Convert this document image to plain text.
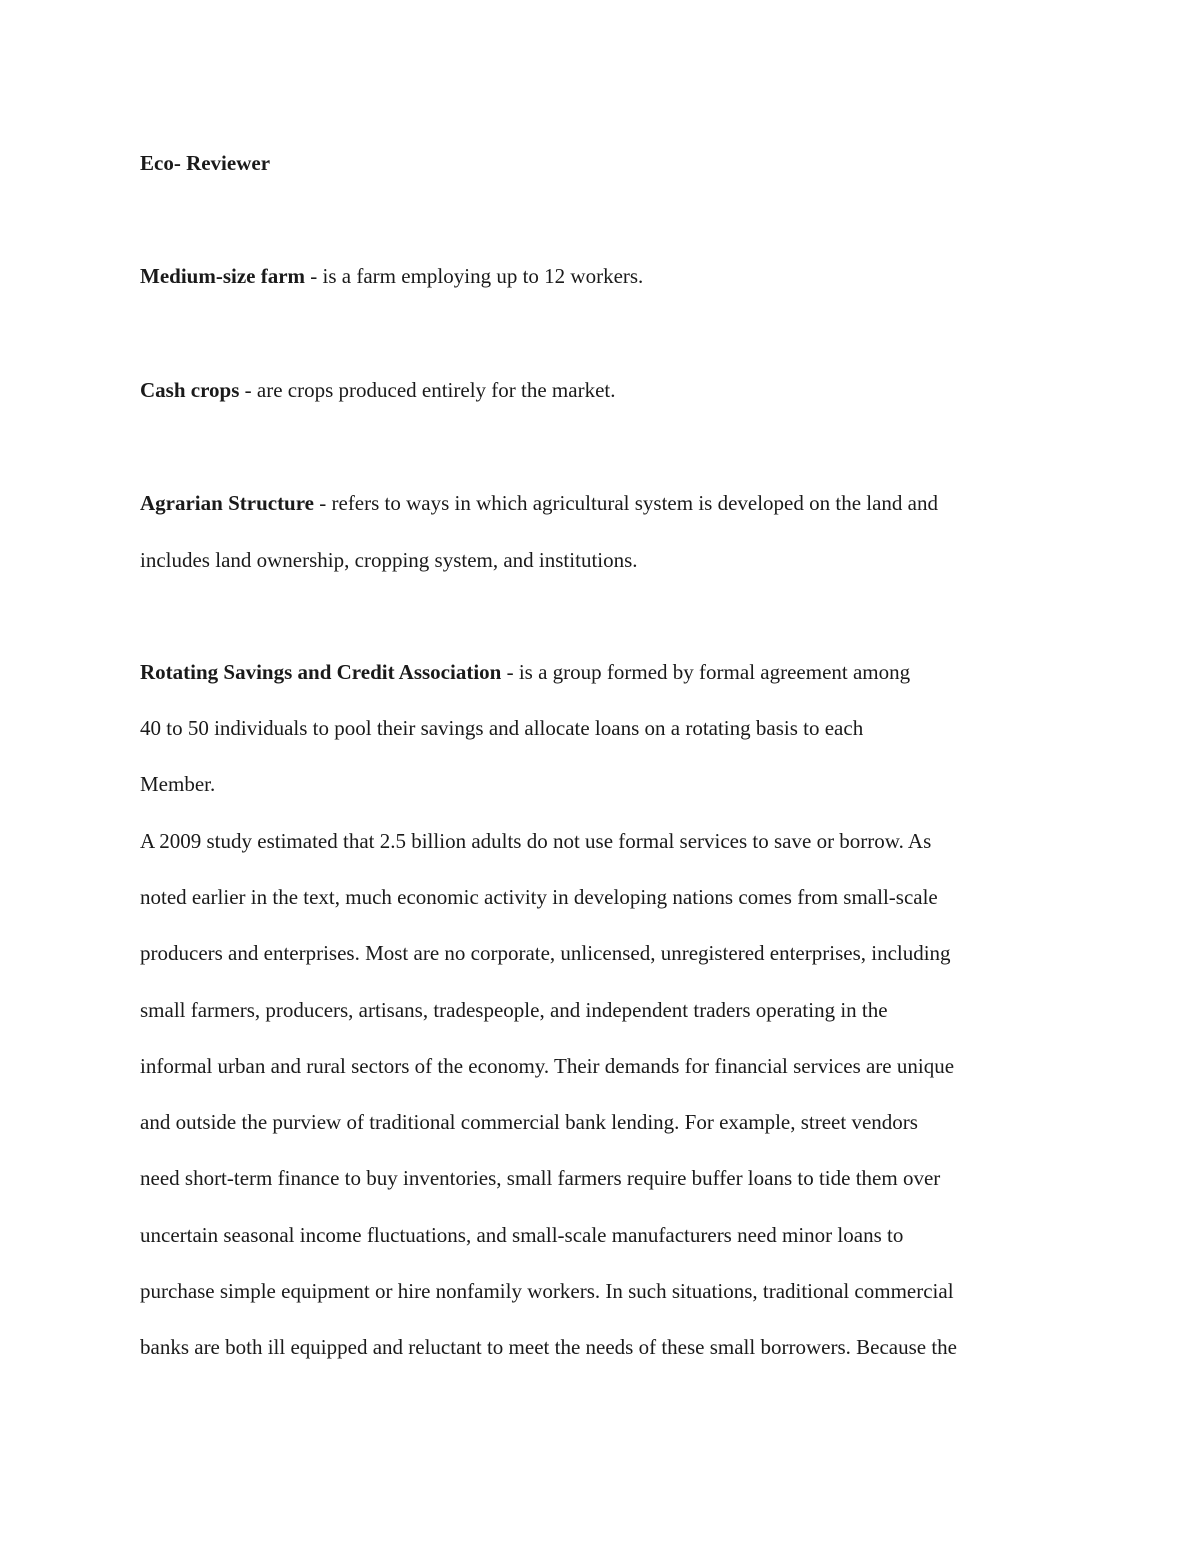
Eco- Reviewer
Medium-size farm - is a farm employing up to 12 workers.
Cash crops - are crops produced entirely for the market.
Agrarian Structure - refers to ways in which agricultural system is developed on the land and
includes land ownership, cropping system, and institutions.
Rotating Savings and Credit Association - is a group formed by formal agreement among
40 to 50 individuals to pool their savings and allocate loans on a rotating basis to each
Member.
A 2009 study estimated that 2.5 billion adults do not use formal services to save or borrow. As
noted earlier in the text, much economic activity in developing nations comes from small-scale
producers and enterprises. Most are no corporate, unlicensed, unregistered enterprises, including
small farmers, producers, artisans, tradespeople, and independent traders operating in the
informal urban and rural sectors of the economy. Their demands for financial services are unique
and outside the purview of traditional commercial bank lending. For example, street vendors
need short-term finance to buy inventories, small farmers require buffer loans to tide them over
uncertain seasonal income fluctuations, and small-scale manufacturers need minor loans to
purchase simple equipment or hire nonfamily workers. In such situations, traditional commercial
banks are both ill equipped and reluctant to meet the needs of these small borrowers. Because the
